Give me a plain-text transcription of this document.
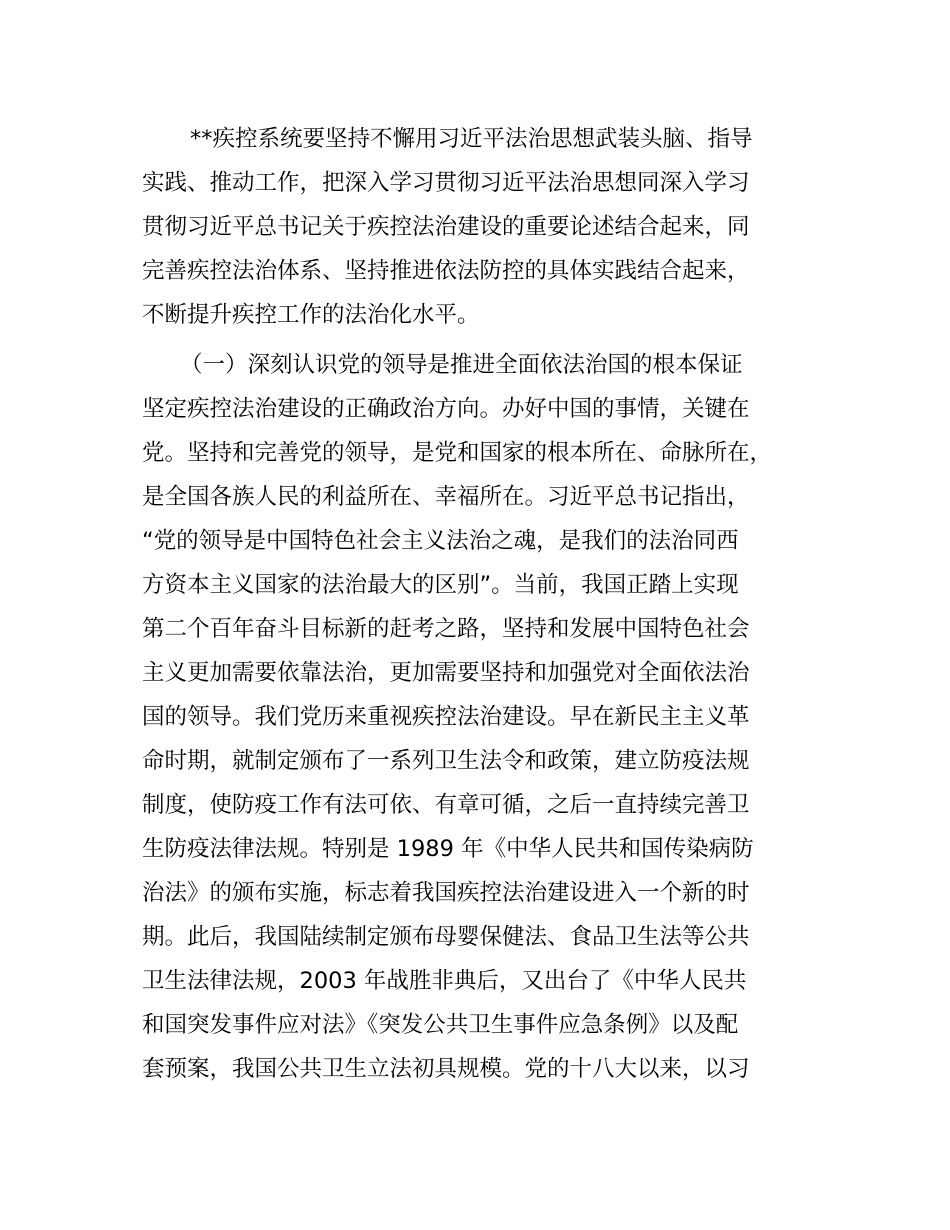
**疾控系统要坚持不懈用习近平法治思想武装头脑、指导
实践、推动工作，把深入学习贯彻习近平法治思想同深入学习
贯彻习近平总书记关于疾控法治建设的重要论述结合起来，同
完善疾控法治体系、坚持推进依法防控的具体实践结合起来，
不断提升疾控工作的法治化水平。
（一）深刻认识党的领导是推进全面依法治国的根本保证
坚定疾控法治建设的正确政治方向。办好中国的事情，关键在
党。坚持和完善党的领导，是党和国家的根本所在、命脉所在，
是全国各族人民的利益所在、幸福所在。习近平总书记指出，
“党的领导是中国特色社会主义法治之魂，是我们的法治同西
方资本主义国家的法治最大的区别”。当前，我国正踏上实现
第二个百年奋斗目标新的赶考之路，坚持和发展中国特色社会
主义更加需要依靠法治，更加需要坚持和加强党对全面依法治
国的领导。我们党历来重视疾控法治建设。早在新民主主义革
命时期，就制定颁布了一系列卫生法令和政策，建立防疫法规
制度，使防疫工作有法可依、有章可循，之后一直持续完善卫
生防疫法律法规。特别是 1989 年《中华人民共和国传染病防
治法》的颁布实施，标志着我国疾控法治建设进入一个新的时
期。此后，我国陆续制定颁布母婴保健法、食品卫生法等公共
卫生法律法规，2003 年战胜非典后，又出台了《中华人民共
和国突发事件应对法》《突发公共卫生事件应急条例》以及配
套预案，我国公共卫生立法初具规模。党的十八大以来，以习
